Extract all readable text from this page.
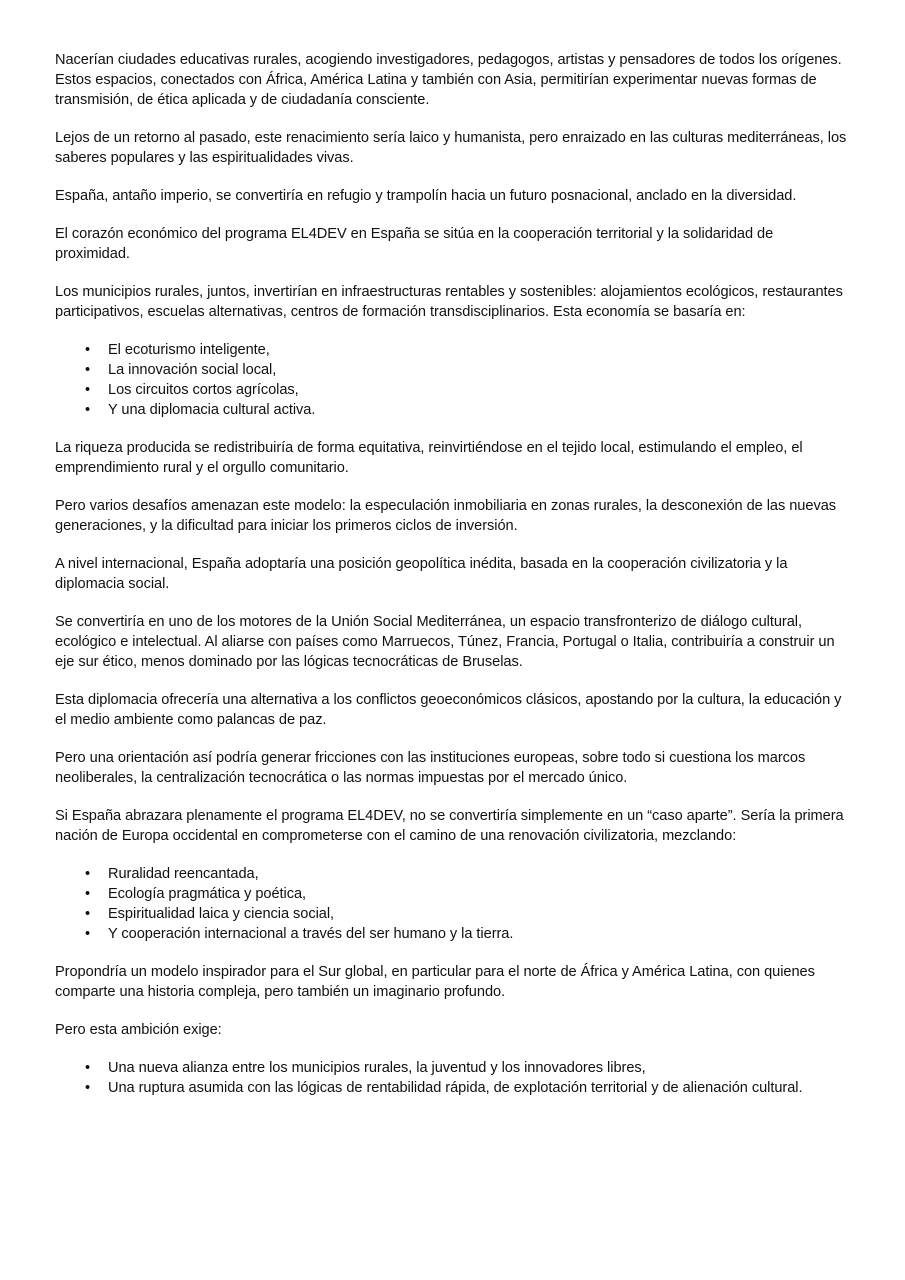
Nacerían ciudades educativas rurales, acogiendo investigadores, pedagogos, artistas y pensadores de todos los orígenes. Estos espacios, conectados con África, América Latina y también con Asia, permitirían experimentar nuevas formas de transmisión, de ética aplicada y de ciudadanía consciente.

Lejos de un retorno al pasado, este renacimiento sería laico y humanista, pero enraizado en las culturas mediterráneas, los saberes populares y las espiritualidades vivas.

España, antaño imperio, se convertiría en refugio y trampolín hacia un futuro posnacional, anclado en la diversidad.

El corazón económico del programa EL4DEV en España se sitúa en la cooperación territorial y la solidaridad de proximidad.

Los municipios rurales, juntos, invertirían en infraestructuras rentables y sostenibles: alojamientos ecológicos, restaurantes participativos, escuelas alternativas, centros de formación transdisciplinarios. Esta economía se basaría en:

•	El ecoturismo inteligente,
•	La innovación social local,
•	Los circuitos cortos agrícolas,
•	Y una diplomacia cultural activa.

La riqueza producida se redistribuiría de forma equitativa, reinvirtiéndose en el tejido local, estimulando el empleo, el emprendimiento rural y el orgullo comunitario.

Pero varios desafíos amenazan este modelo: la especulación inmobiliaria en zonas rurales, la desconexión de las nuevas generaciones, y la dificultad para iniciar los primeros ciclos de inversión.

A nivel internacional, España adoptaría una posición geopolítica inédita, basada en la cooperación civilizatoria y la diplomacia social.

Se convertiría en uno de los motores de la Unión Social Mediterránea, un espacio transfronterizo de diálogo cultural, ecológico e intelectual. Al aliarse con países como Marruecos, Túnez, Francia, Portugal o Italia, contribuiría a construir un eje sur ético, menos dominado por las lógicas tecnocráticas de Bruselas.

Esta diplomacia ofrecería una alternativa a los conflictos geoeconómicos clásicos, apostando por la cultura, la educación y el medio ambiente como palancas de paz.

Pero una orientación así podría generar fricciones con las instituciones europeas, sobre todo si cuestiona los marcos neoliberales, la centralización tecnocrática o las normas impuestas por el mercado único.

Si España abrazara plenamente el programa EL4DEV, no se convertiría simplemente en un “caso aparte”. Sería la primera nación de Europa occidental en comprometerse con el camino de una renovación civilizatoria, mezclando:

•	Ruralidad reencantada,
•	Ecología pragmática y poética,
•	Espiritualidad laica y ciencia social,
•	Y cooperación internacional a través del ser humano y la tierra.

Propondría un modelo inspirador para el Sur global, en particular para el norte de África y América Latina, con quienes comparte una historia compleja, pero también un imaginario profundo.

Pero esta ambición exige:

•	Una nueva alianza entre los municipios rurales, la juventud y los innovadores libres,
•	Una ruptura asumida con las lógicas de rentabilidad rápida, de explotación territorial y de alienación cultural.
